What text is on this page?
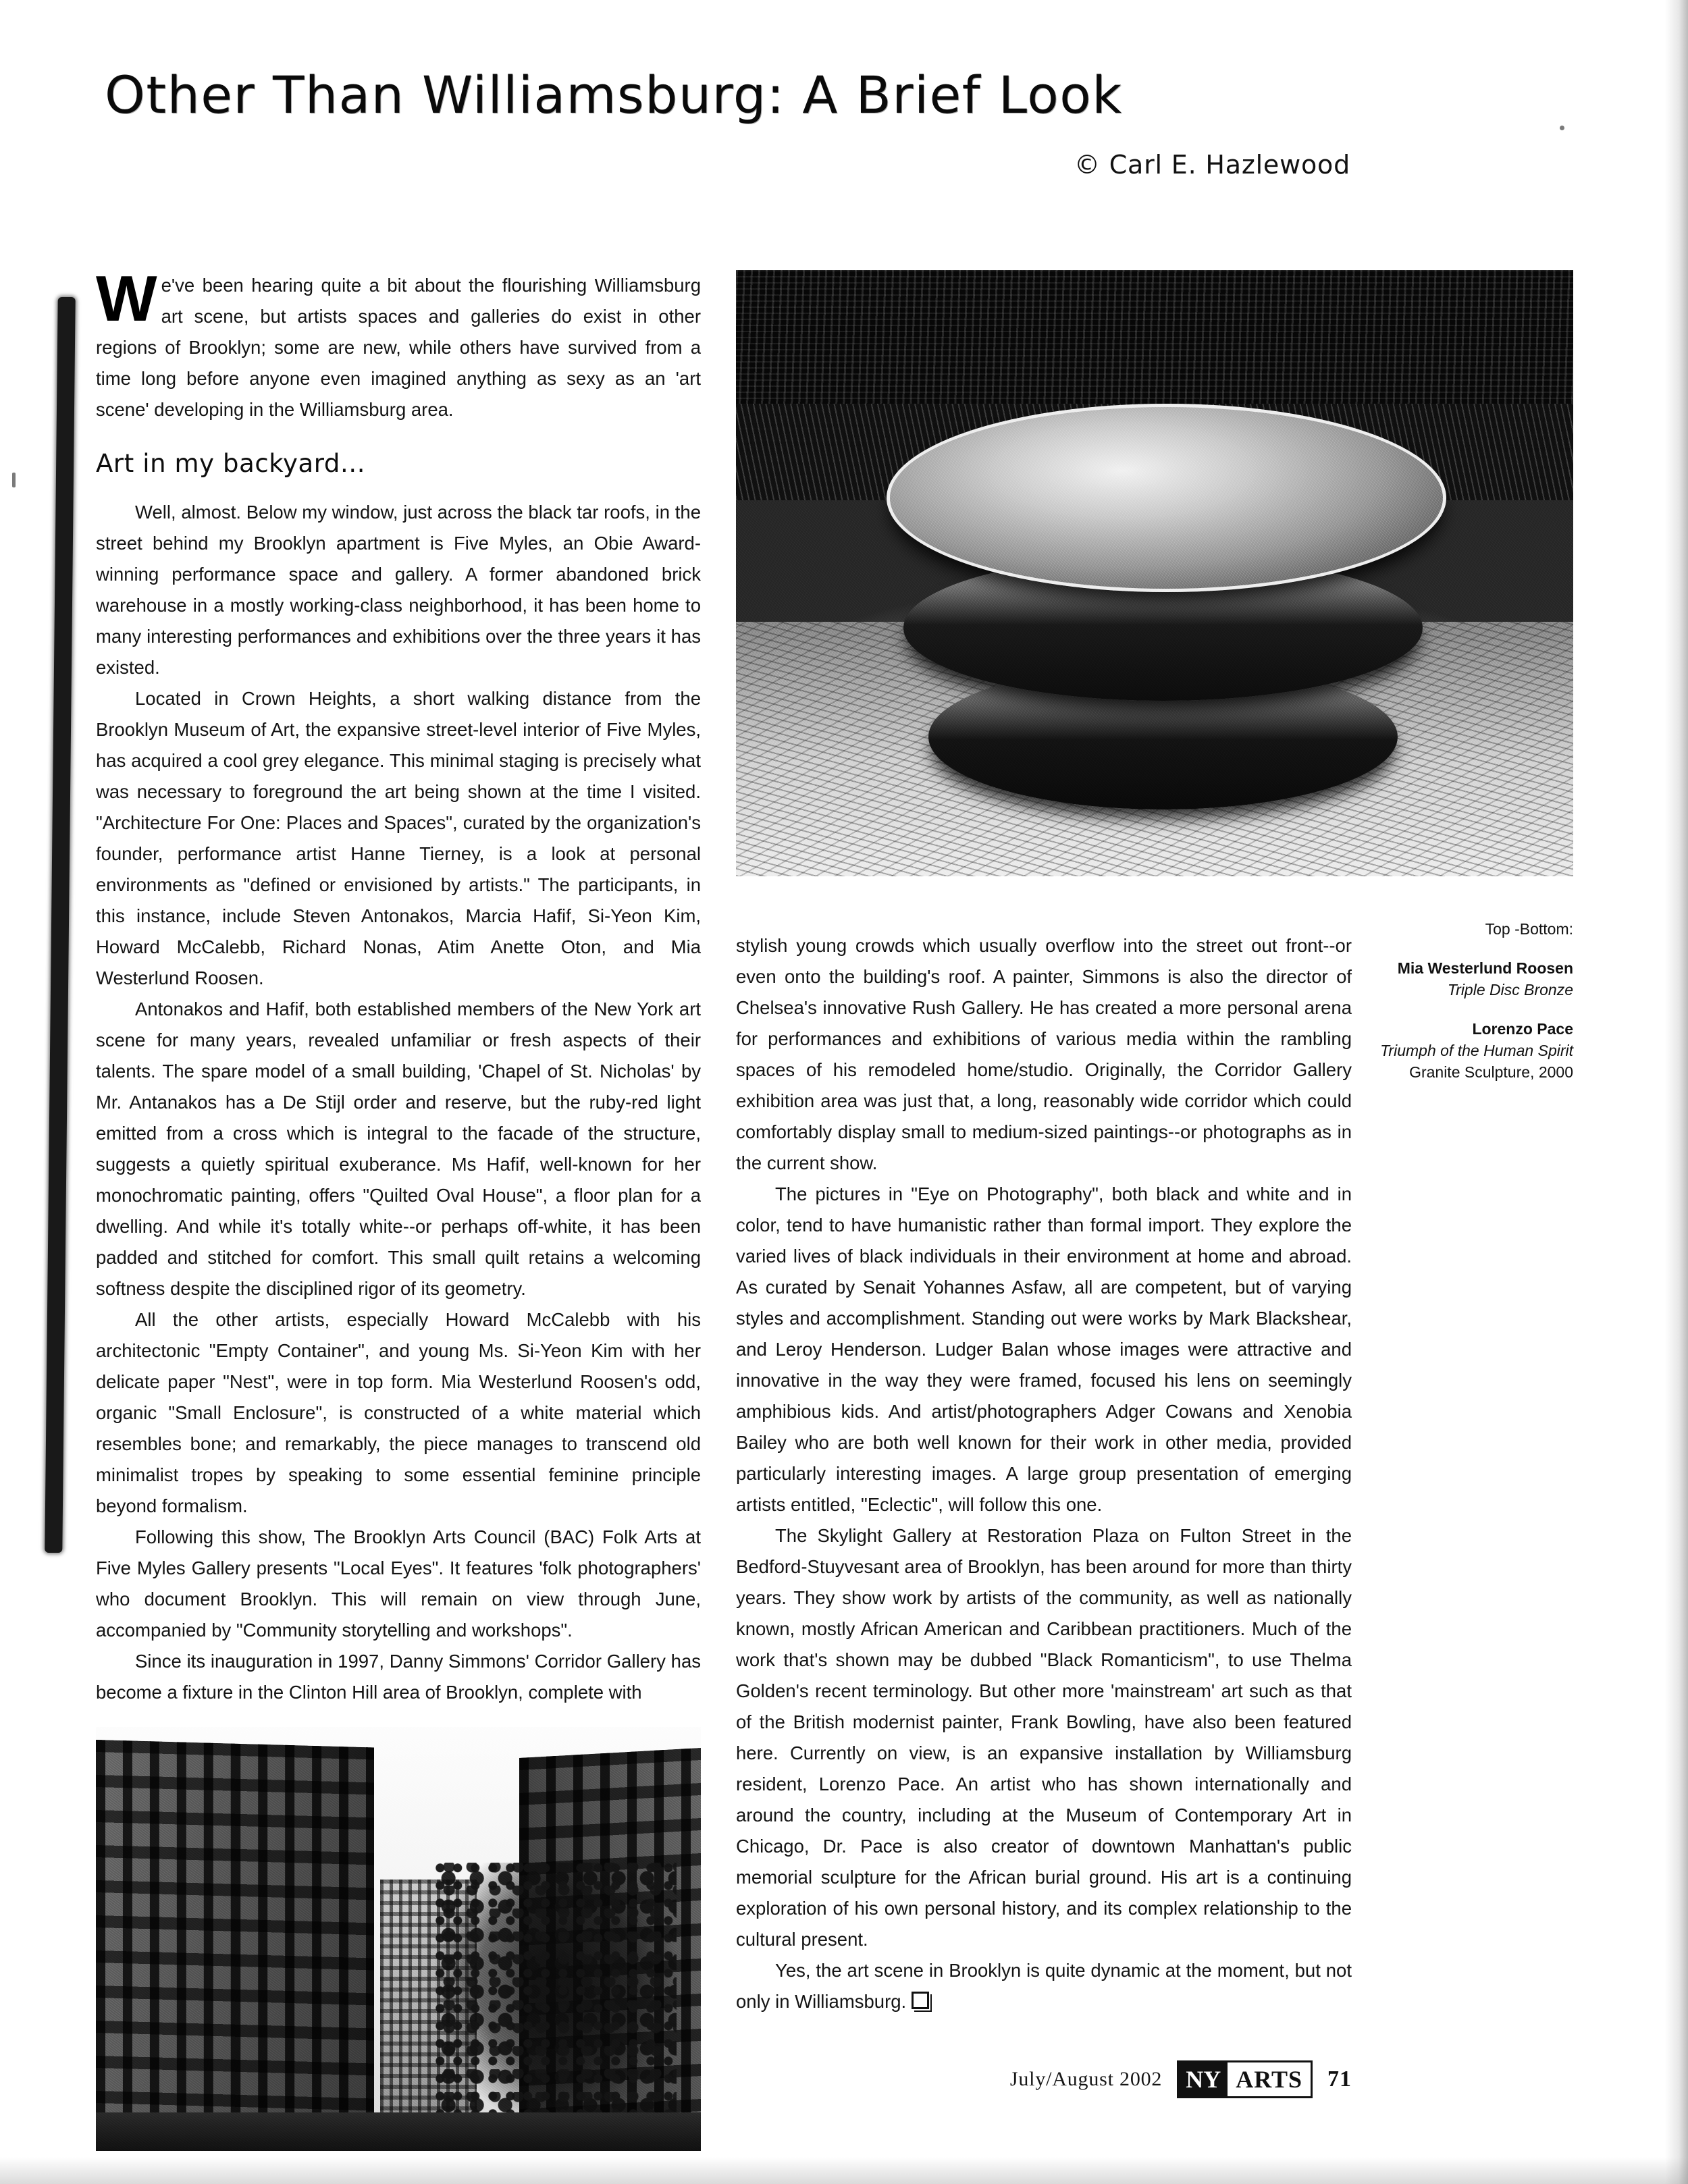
Other Than Williamsburg: A Brief Look
© Carl E. Hazlewood

We've been hearing quite a bit about the flourishing Williamsburg art scene, but artists spaces and galleries do exist in other regions of Brooklyn; some are new, while others have survived from a time long before anyone even imagined anything as sexy as an 'art scene' developing in the Williamsburg area.

Art in my backyard...

Well, almost. Below my window, just across the black tar roofs, in the street behind my Brooklyn apartment is Five Myles, an Obie Award-winning performance space and gallery. A former abandoned brick warehouse in a mostly working-class neighborhood, it has been home to many interesting performances and exhibitions over the three years it has existed.

Located in Crown Heights, a short walking distance from the Brooklyn Museum of Art, the expansive street-level interior of Five Myles, has acquired a cool grey elegance. This minimal staging is precisely what was necessary to foreground the art being shown at the time I visited. "Architecture For One: Places and Spaces", curated by the organization's founder, performance artist Hanne Tierney, is a look at personal environments as "defined or envisioned by artists." The participants, in this instance, include Steven Antonakos, Marcia Hafif, Si-Yeon Kim, Howard McCalebb, Richard Nonas, Atim Anette Oton, and Mia Westerlund Roosen.

Antonakos and Hafif, both established members of the New York art scene for many years, revealed unfamiliar or fresh aspects of their talents. The spare model of a small building, 'Chapel of St. Nicholas' by Mr. Antanakos has a De Stijl order and reserve, but the ruby-red light emitted from a cross which is integral to the facade of the structure, suggests a quietly spiritual exuberance. Ms Hafif, well-known for her monochromatic painting, offers "Quilted Oval House", a floor plan for a dwelling. And while it's totally white--or perhaps off-white, it has been padded and stitched for comfort. This small quilt retains a welcoming softness despite the disciplined rigor of its geometry.

All the other artists, especially Howard McCalebb with his architectonic "Empty Container", and young Ms. Si-Yeon Kim with her delicate paper "Nest", were in top form. Mia Westerlund Roosen's odd, organic "Small Enclosure", is constructed of a white material which resembles bone; and remarkably, the piece manages to transcend old minimalist tropes by speaking to some essential feminine principle beyond formalism.

Following this show, The Brooklyn Arts Council (BAC) Folk Arts at Five Myles Gallery presents "Local Eyes". It features 'folk photographers' who document Brooklyn. This will remain on view through June, accompanied by "Community storytelling and workshops".

Since its inauguration in 1997, Danny Simmons' Corridor Gallery has become a fixture in the Clinton Hill area of Brooklyn, complete with

stylish young crowds which usually overflow into the street out front--or even onto the building's roof. A painter, Simmons is also the director of Chelsea's innovative Rush Gallery. He has created a more personal arena for performances and exhibitions of various media within the rambling spaces of his remodeled home/studio. Originally, the Corridor Gallery exhibition area was just that, a long, reasonably wide corridor which could comfortably display small to medium-sized paintings--or photographs as in the current show.

The pictures in "Eye on Photography", both black and white and in color, tend to have humanistic rather than formal import. They explore the varied lives of black individuals in their environment at home and abroad. As curated by Senait Yohannes Asfaw, all are competent, but of varying styles and accomplishment. Standing out were works by Mark Blackshear, and Leroy Henderson. Ludger Balan whose images were attractive and innovative in the way they were framed, focused his lens on seemingly amphibious kids. And artist/photographers Adger Cowans and Xenobia Bailey who are both well known for their work in other media, provided particularly interesting images. A large group presentation of emerging artists entitled, "Eclectic", will follow this one.

The Skylight Gallery at Restoration Plaza on Fulton Street in the Bedford-Stuyvesant area of Brooklyn, has been around for more than thirty years. They show work by artists of the community, as well as nationally known, mostly African American and Caribbean practitioners. Much of the work that's shown may be dubbed "Black Romanticism", to use Thelma Golden's recent terminology. But other more 'mainstream' art such as that of the British modernist painter, Frank Bowling, have also been featured here. Currently on view, is an expansive installation by Williamsburg resident, Lorenzo Pace. An artist who has shown internationally and around the country, including at the Museum of Contemporary Art in Chicago, Dr. Pace is also creator of downtown Manhattan's public memorial sculpture for the African burial ground. His art is a continuing exploration of his own personal history, and its complex relationship to the cultural present.

Yes, the art scene in Brooklyn is quite dynamic at the moment, but not only in Williamsburg.

Top -Bottom:
Mia Westerlund Roosen
Triple Disc Bronze
Lorenzo Pace
Triumph of the Human Spirit
Granite Sculpture, 2000
July/August 2002 NY ARTS	71
